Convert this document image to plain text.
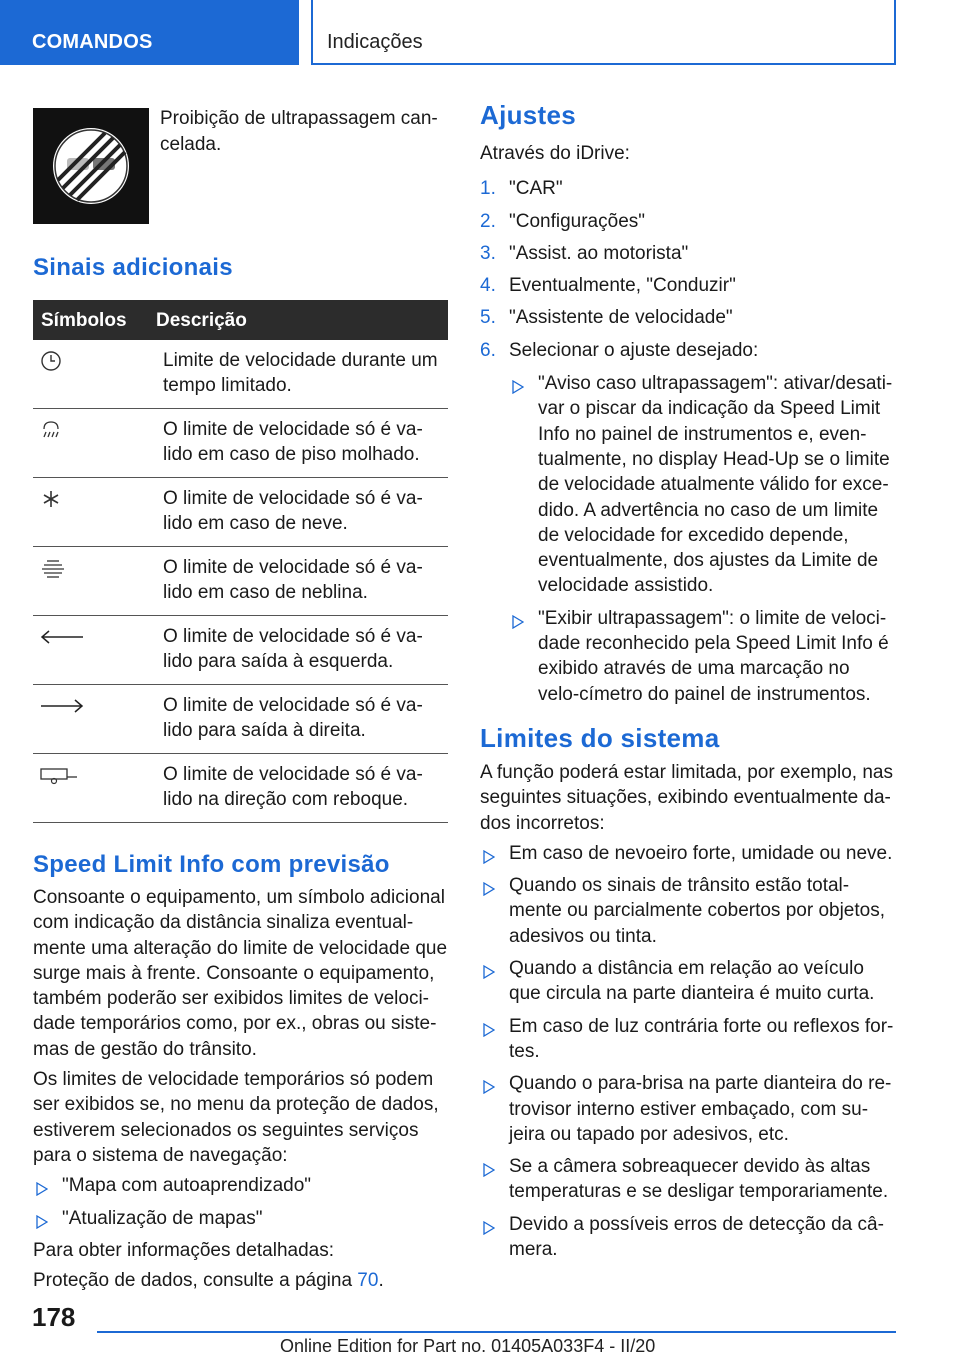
COMANDOS	Indicações
Proibição de ultrapassagem can-celada.
Sinais adicionais
Símbolos	Descrição
	Limite de velocidade durante um tempo limitado.
	O limite de velocidade só é va-lido em caso de piso molhado.
	O limite de velocidade só é va-lido em caso de neve.
	O limite de velocidade só é va-lido em caso de neblina.
	O limite de velocidade só é va-lido para saída à esquerda.
	O limite de velocidade só é va-lido para saída à direita.
	O limite de velocidade só é va-lido na direção com reboque.
Speed Limit Info com previsão

Consoante o equipamento, um símbolo adicional com indicação da distância sinaliza eventual-mente uma alteração do limite de velocidade que surge mais à frente. Consoante o equipamento, também poderão ser exibidos limites de veloci-dade temporários como, por ex., obras ou siste-mas de gestão do trânsito.

Os limites de velocidade temporários só podem ser exibidos se, no menu da proteção de dados, estiverem selecionados os seguintes serviços para o sistema de navegação:

"Mapa com autoaprendizado"
"Atualização de mapas"

Para obter informações detalhadas:

Proteção de dados, consulte a página 70.

Ajustes

Através do iDrive:

1. "CAR"
2. "Configurações"
3. "Assist. ao motorista"
4. Eventualmente, "Conduzir"
5. "Assistente de velocidade"
6. Selecionar o ajuste desejado:
"Aviso caso ultrapassagem": ativar/desati-var o piscar da indicação da Speed Limit Info no painel de instrumentos e, even-tualmente, no display Head-Up se o limite de velocidade atualmente válido for exce-dido. A advertência no caso de um limite de velocidade for excedido depende, eventualmente, dos ajustes da Limite de velocidade assistido.
"Exibir ultrapassagem": o limite de veloci-dade reconhecido pela Speed Limit Info é exibido através de uma marcação no velo-címetro do painel de instrumentos.
Limites do sistema

A função poderá estar limitada, por exemplo, nas seguintes situações, exibindo eventualmente da-dos incorretos:

Em caso de nevoeiro forte, umidade ou neve.
Quando os sinais de trânsito estão total-mente ou parcialmente cobertos por objetos, adesivos ou tinta.
Quando a distância em relação ao veículo que circula na parte dianteira é muito curta.
Em caso de luz contrária forte ou reflexos for-tes.
Quando o para-brisa na parte dianteira do re-trovisor interno estiver embaçado, com su-jeira ou tapado por adesivos, etc.
Se a câmera sobreaquecer devido às altas temperaturas e se desligar temporariamente.
Devido a possíveis erros de detecção da câ-mera.
178
Online Edition for Part no. 01405A033F4 - II/20
